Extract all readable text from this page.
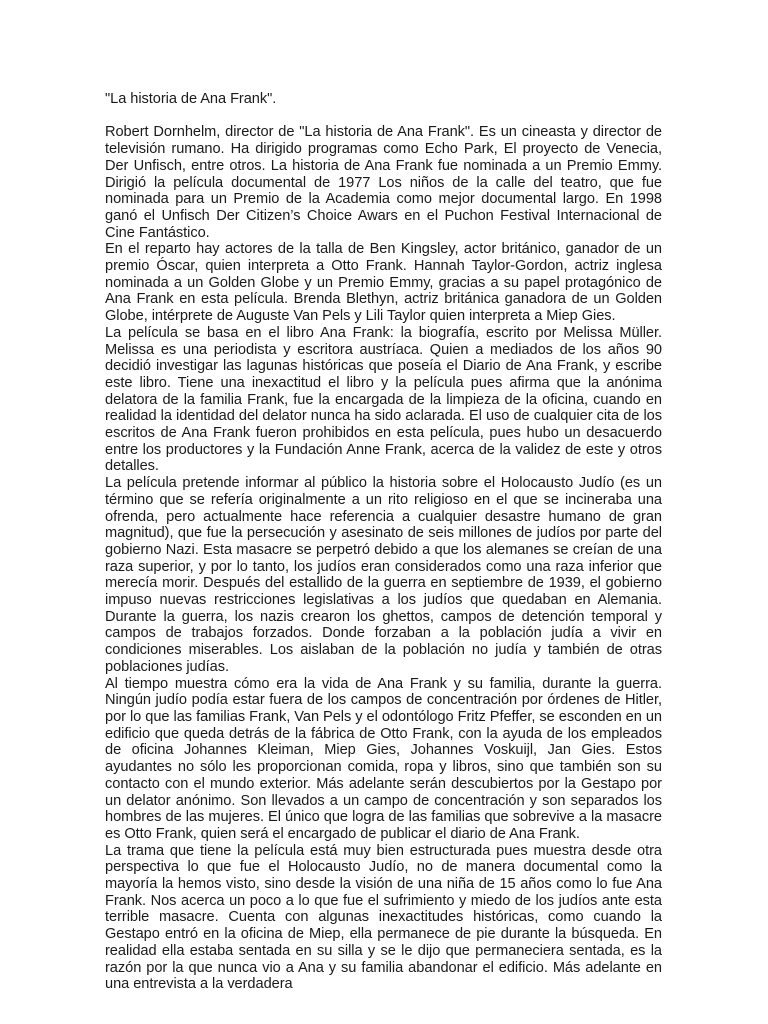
"La historia de Ana Frank".

Robert Dornhelm, director de "La historia de Ana Frank". Es un cineasta y director de televisión rumano. Ha dirigido programas como Echo Park, El proyecto de Venecia, Der Unfisch, entre otros. La historia de Ana Frank fue nominada a un Premio Emmy. Dirigió la película documental de 1977 Los niños de la calle del teatro, que fue nominada para un Premio de la Academia como mejor documental largo. En 1998 ganó el Unfisch Der Citizen’s Choice Awars en el Puchon Festival Internacional de Cine Fantástico.

En el reparto hay actores de la talla de Ben Kingsley, actor británico, ganador de un premio Óscar, quien interpreta a Otto Frank. Hannah Taylor-Gordon, actriz inglesa nominada a un Golden Globe y un Premio Emmy, gracias a su papel protagónico de Ana Frank en esta película. Brenda Blethyn, actriz británica ganadora de un Golden Globe, intérprete de Auguste Van Pels y Lili Taylor quien interpreta a Miep Gies.

La película se basa en el libro Ana Frank: la biografía, escrito por Melissa Müller. Melissa es una periodista y escritora austríaca. Quien a mediados de los años 90 decidió investigar las lagunas históricas que poseía el Diario de Ana Frank, y escribe este libro. Tiene una inexactitud el libro y la película pues afirma que la anónima delatora de la familia Frank, fue la encargada de la limpieza de la oficina, cuando en realidad la identidad del delator nunca ha sido aclarada. El uso de cualquier cita de los escritos de Ana Frank fueron prohibidos en esta película, pues hubo un desacuerdo entre los productores y la Fundación Anne Frank, acerca de la validez de este y otros detalles.

La película pretende informar al público la historia sobre el Holocausto Judío (es un término que se refería originalmente a un rito religioso en el que se incineraba una ofrenda, pero actualmente hace referencia a cualquier desastre humano de gran magnitud), que fue la persecución y asesinato de seis millones de judíos por parte del gobierno Nazi. Esta masacre se perpetró debido a que los alemanes se creían de una raza superior, y por lo tanto, los judíos eran considerados como una raza inferior que merecía morir. Después del estallido de la guerra en septiembre de 1939, el gobierno impuso nuevas restricciones legislativas a los judíos que quedaban en Alemania. Durante la guerra, los nazis crearon los ghettos, campos de detención temporal y campos de trabajos forzados. Donde forzaban a la población judía a vivir en condiciones miserables. Los aislaban de la población no judía y también de otras poblaciones judías.

Al tiempo muestra cómo era la vida de Ana Frank y su familia, durante la guerra. Ningún judío podía estar fuera de los campos de concentración por órdenes de Hitler, por lo que las familias Frank, Van Pels y el odontólogo Fritz Pfeffer, se esconden en un edificio que queda detrás de la fábrica de Otto Frank, con la ayuda de los empleados de oficina Johannes Kleiman, Miep Gies, Johannes Voskuijl, Jan Gies. Estos ayudantes no sólo les proporcionan comida, ropa y libros, sino que también son su contacto con el mundo exterior. Más adelante serán descubiertos por la Gestapo por un delator anónimo. Son llevados a un campo de concentración y son separados los hombres de las mujeres. El único que logra de las familias que sobrevive a la masacre es Otto Frank, quien será el encargado de publicar el diario de Ana Frank.

La trama que tiene la película está muy bien estructurada pues muestra desde otra perspectiva lo que fue el Holocausto Judío, no de manera documental como la mayoría la hemos visto, sino desde la visión de una niña de 15 años como lo fue Ana Frank. Nos acerca un poco a lo que fue el sufrimiento y miedo de los judíos ante esta terrible masacre. Cuenta con algunas inexactitudes históricas, como cuando la Gestapo entró en la oficina de Miep, ella permanece de pie durante la búsqueda. En realidad ella estaba sentada en su silla y se le dijo que permaneciera sentada, es la razón por la que nunca vio a Ana y su familia abandonar el edificio. Más adelante en una entrevista a la verdadera
